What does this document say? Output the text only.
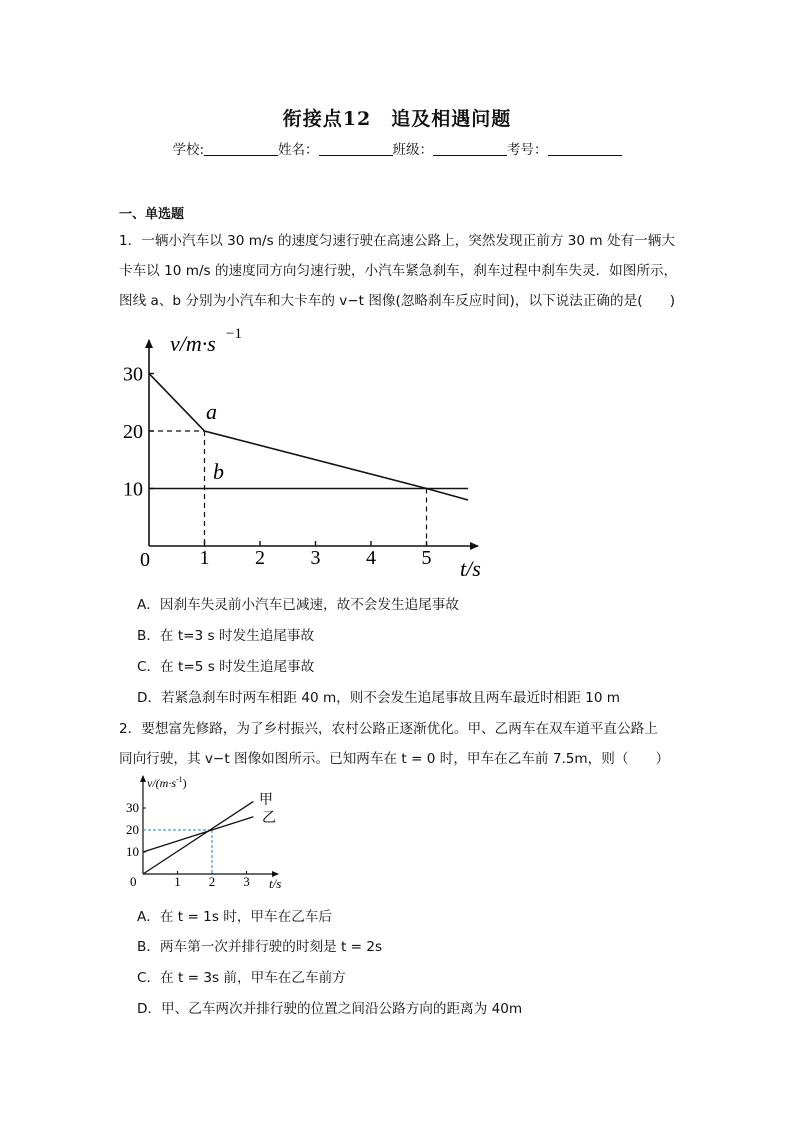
衔接点12　追及相遇问题
学校:	姓名：	班级：	考号：
一、单选题
1．一辆小汽车以 30 m/s 的速度匀速行驶在高速公路上，突然发现正前方 30 m 处有一辆大
卡车以 10 m/s 的速度同方向匀速行驶，小汽车紧急刹车，刹车过程中刹车失灵．如图所示，
图线 a、b 分别为小汽车和大卡车的 v−t 图像(忽略刹车反应时间)，以下说法正确的是(　　)
v/m·s −1
t/s
0
a
b
10
20
30
1 2 3 4 5
A．因刹车失灵前小汽车已减速，故不会发生追尾事故
B．在 t=3 s 时发生追尾事故
C．在 t=5 s 时发生追尾事故
D．若紧急刹车时两车相距 40 m，则不会发生追尾事故且两车最近时相距 10 m
2．要想富先修路，为了乡村振兴，农村公路正逐渐优化。甲、乙两车在双车道平直公路上
同向行驶，其 v−t 图像如图所示。已知两车在 t = 0 时，甲车在乙车前 7.5m，则（　　）
$v/(m\cdot s^{-1})$
t/s
0
甲
乙
10
20
30
1 2 3
A．在 t = 1s 时，甲车在乙车后
B．两车第一次并排行驶的时刻是 t = 2s
C．在 t = 3s 前，甲车在乙车前方
D．甲、乙车两次并排行驶的位置之间沿公路方向的距离为 40m
